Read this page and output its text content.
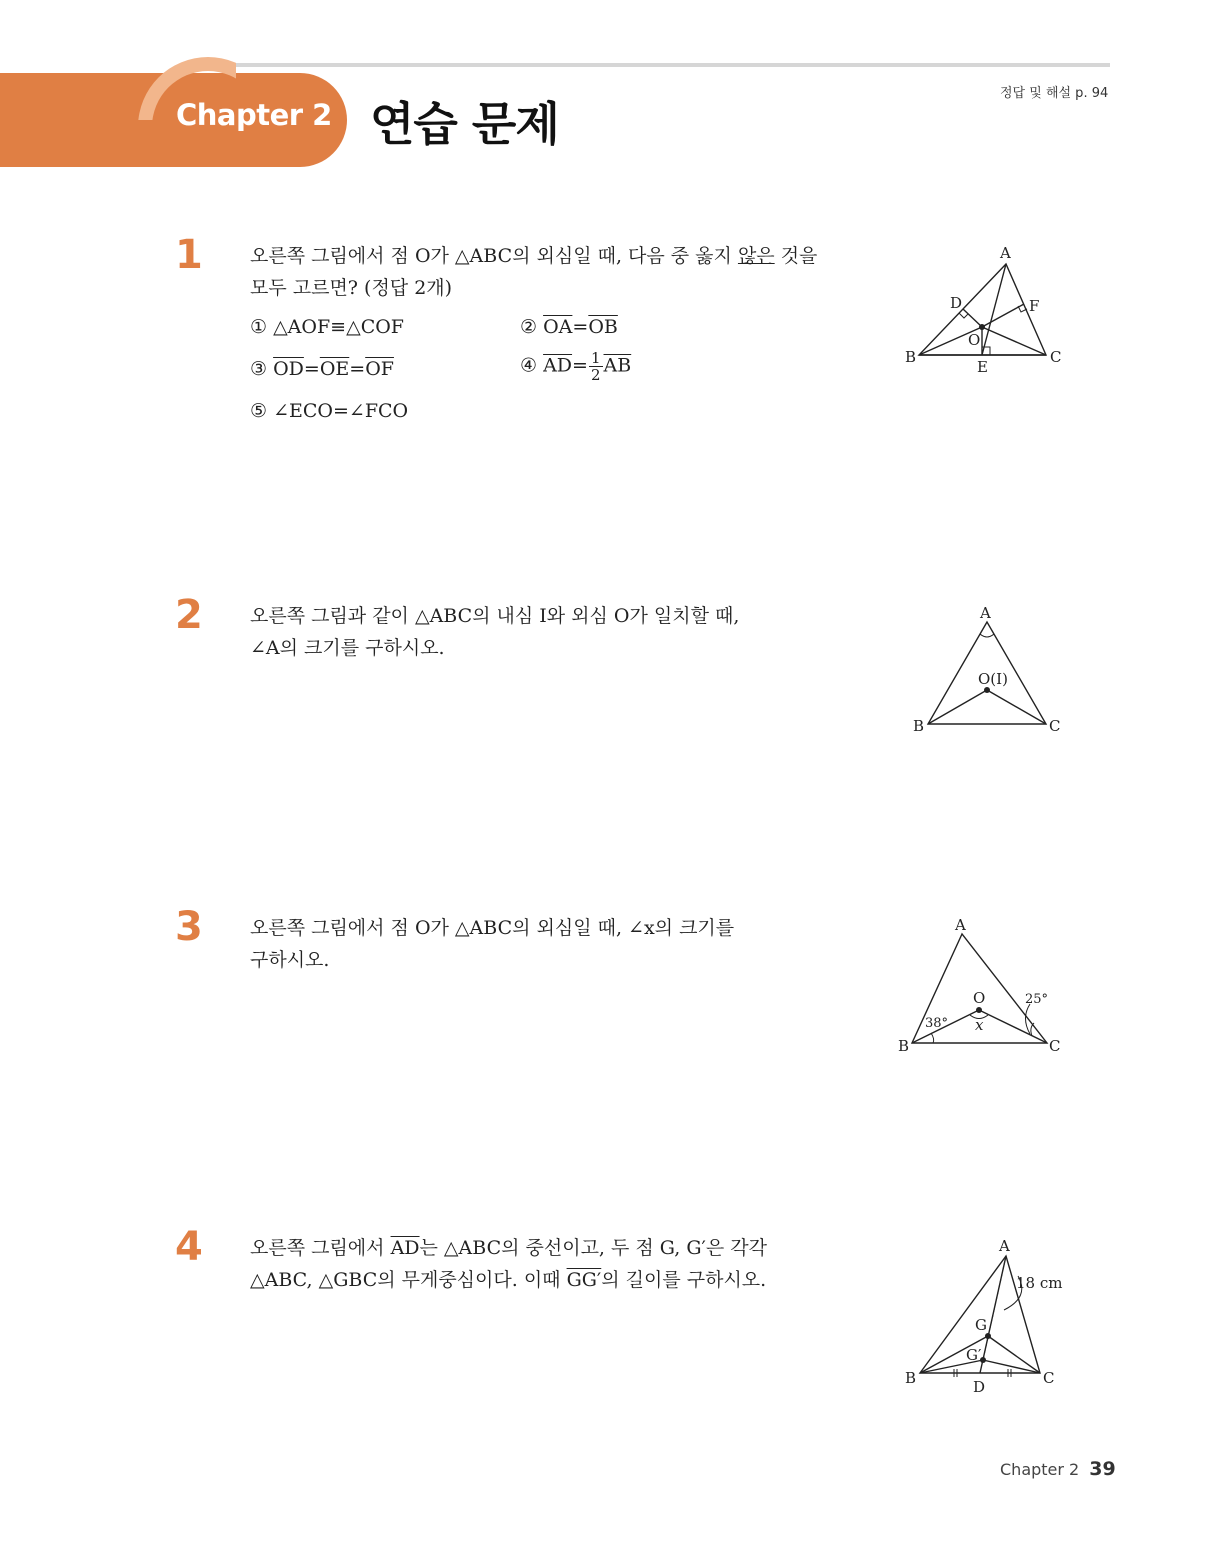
Chapter 2 연습 문제
정답 및 해설 p. 94
1 오른쪽 그림에서 점 O가 △ABC의 외심일 때, 다음 중 옳지 않은 것을

모두 고르면? (정답 2개)

① △AOF≡△COF	② $\overline{OA}=\overline{OB}$
③ $\overline{OD}=\overline{OE}=\overline{OF}$	④ $\overline{AD}= \frac{1}{2} \overline{AB}$
⑤ ∠ECO=∠FCO
A
B	C
D
E
F
O
2 오른쪽 그림과 같이 △ABC의 내심 I와 외심 O가 일치할 때,

∠A의 크기를 구하시오.

A
B	C
O(I)
3 오른쪽 그림에서 점 O가 △ABC의 외심일 때, ∠x의 크기를

구하시오.

A
B	C
O
38°
25°
x
4 오른쪽 그림에서 $\overline{AD}$는 △ABC의 중선이고, 두 점 G, G′은 각각

△ABC, △GBC의 무게중심이다. 이때 GG′의 길이를 구하시오.

A
B	C
D
G
G′
18 cm
Chapter 2 39
